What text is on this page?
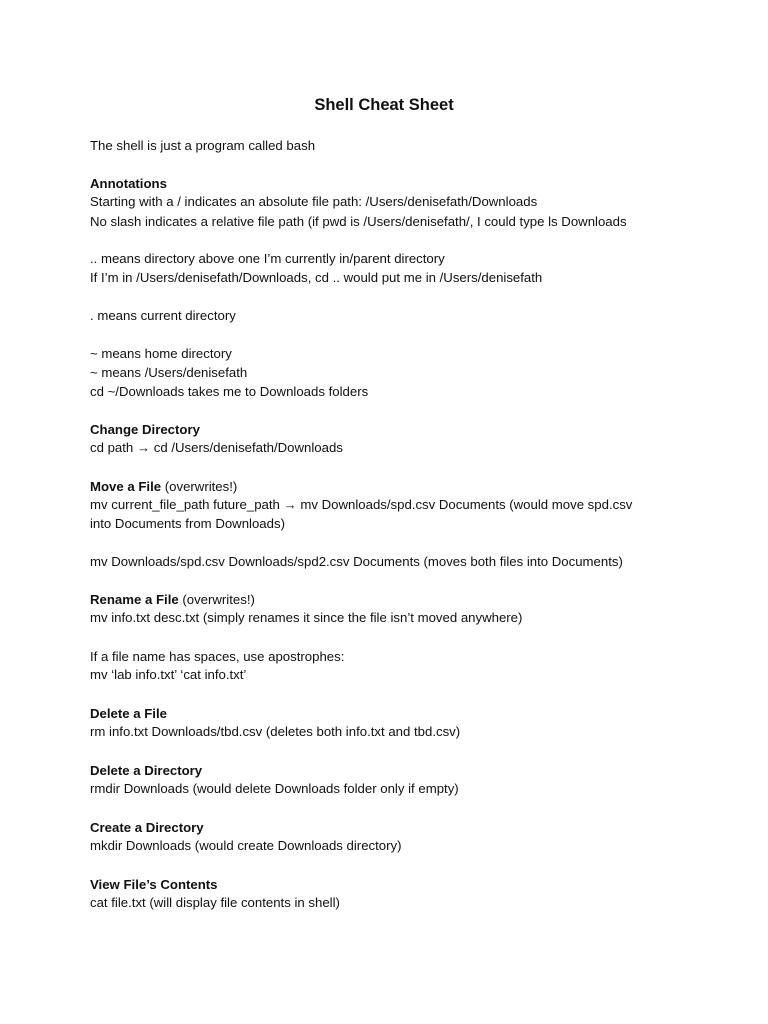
Shell Cheat Sheet
The shell is just a program called bash
Annotations
Starting with a / indicates an absolute file path: /Users/denisefath/Downloads
No slash indicates a relative file path (if pwd is /Users/denisefath/, I could type ls Downloads
.. means directory above one I’m currently in/parent directory
If I’m in /Users/denisefath/Downloads, cd .. would put me in /Users/denisefath
. means current directory
~ means home directory
~ means /Users/denisefath
cd ~/Downloads takes me to Downloads folders
Change Directory
cd path → cd /Users/denisefath/Downloads
Move a File (overwrites!)
mv current_file_path future_path → mv Downloads/spd.csv Documents (would move spd.csv
into Documents from Downloads)
mv Downloads/spd.csv Downloads/spd2.csv Documents (moves both files into Documents)
Rename a File (overwrites!)
mv info.txt desc.txt (simply renames it since the file isn’t moved anywhere)
If a file name has spaces, use apostrophes:
mv ‘lab info.txt’ ‘cat info.txt’
Delete a File
rm info.txt Downloads/tbd.csv (deletes both info.txt and tbd.csv)
Delete a Directory
rmdir Downloads (would delete Downloads folder only if empty)
Create a Directory
mkdir Downloads (would create Downloads directory)
View File’s Contents
cat file.txt (will display file contents in shell)
